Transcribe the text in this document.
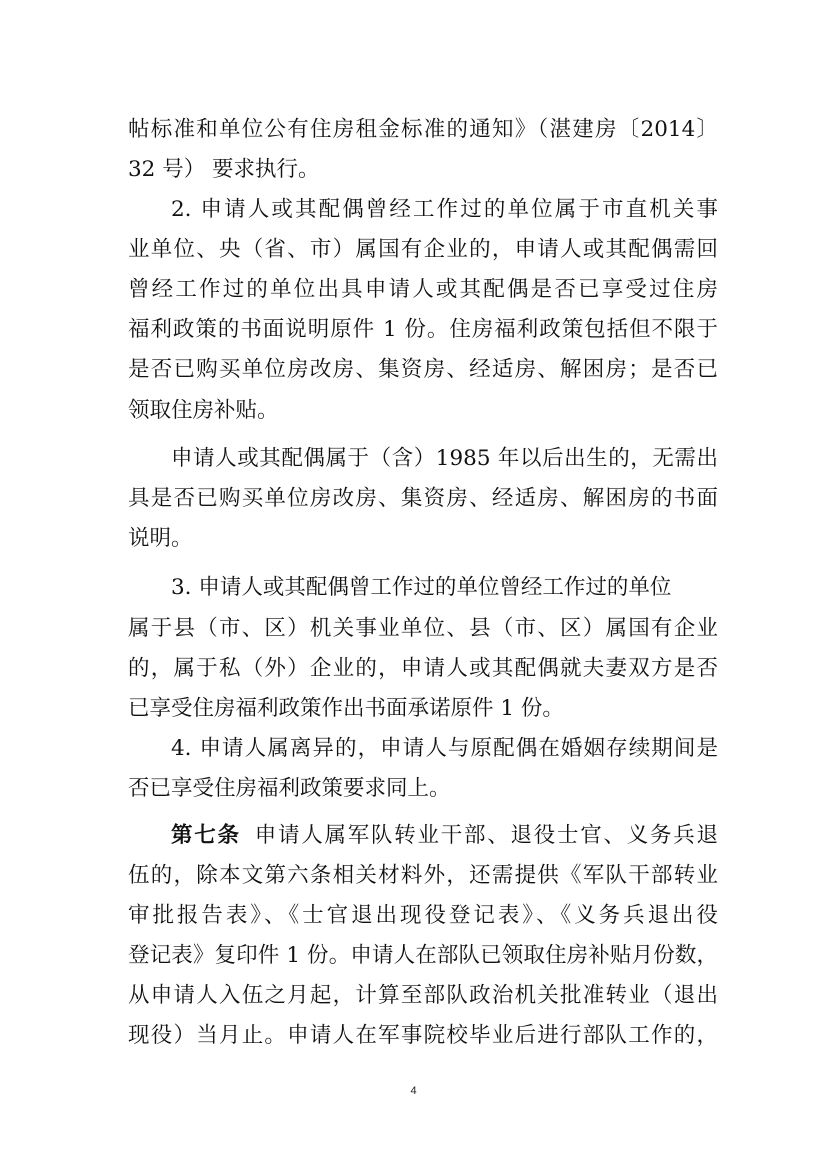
帖标准和单位公有住房租金标准的通知》（湛建房〔2014〕
32 号） 要求执行。
2. 申请人或其配偶曾经工作过的单位属于市直机关事
业单位、央（省、市）属国有企业的，申请人或其配偶需回
曾经工作过的单位出具申请人或其配偶是否已享受过住房
福利政策的书面说明原件 1 份。住房福利政策包括但不限于
是否已购买单位房改房、集资房、经适房、解困房；是否已
领取住房补贴。
申请人或其配偶属于（含）1985 年以后出生的，无需出
具是否已购买单位房改房、集资房、经适房、解困房的书面
说明。
3. 申请人或其配偶曾工作过的单位曾经工作过的单位
属于县（市、区）机关事业单位、县（市、区）属国有企业
的，属于私（外）企业的，申请人或其配偶就夫妻双方是否
已享受住房福利政策作出书面承诺原件 1 份。
4. 申请人属离异的，申请人与原配偶在婚姻存续期间是
否已享受住房福利政策要求同上。
第七条 申请人属军队转业干部、退役士官、义务兵退
伍的，除本文第六条相关材料外，还需提供《军队干部转业
审批报告表》、《士官退出现役登记表》、《义务兵退出役
登记表》复印件 1 份。申请人在部队已领取住房补贴月份数，
从申请人入伍之月起，计算至部队政治机关批准转业（退出
现役）当月止。申请人在军事院校毕业后进行部队工作的，
4
